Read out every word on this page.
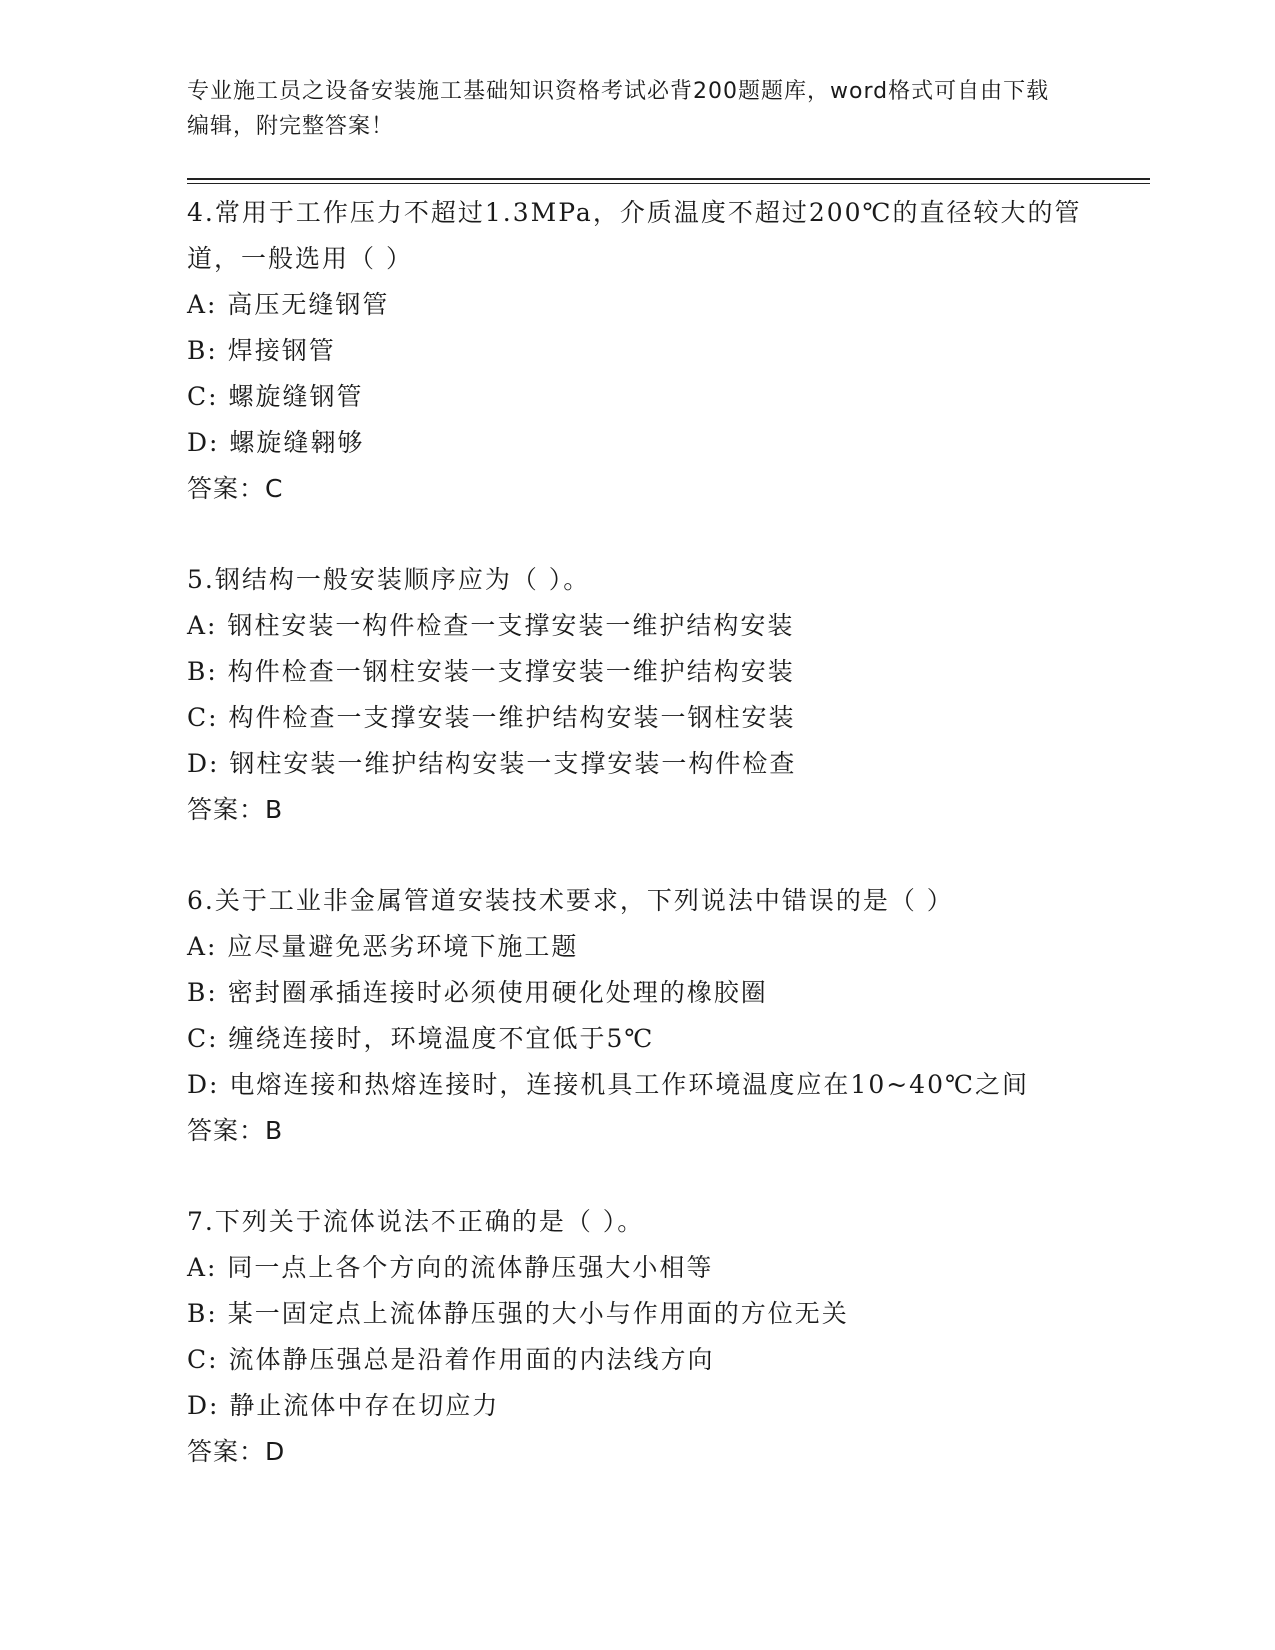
专业施工员之设备安装施工基础知识资格考试必背200题题库，word格式可自由下载编辑，附完整答案！
4.常用于工作压力不超过1.3MPa，介质温度不超过200℃的直径较大的管道，一般选用（ ）
A: 高压无缝钢管
B: 焊接钢管
C: 螺旋缝钢管
D: 螺旋缝翱够
答案：C
5.钢结构一般安装顺序应为（ ）。
A: 钢柱安装一构件检查一支撑安装一维护结构安装
B: 构件检查一钢柱安装一支撑安装一维护结构安装
C: 构件检查一支撑安装一维护结构安装一钢柱安装
D: 钢柱安装一维护结构安装一支撑安装一构件检查
答案：B
6.关于工业非金属管道安装技术要求，下列说法中错误的是（ ）
A: 应尽量避免恶劣环境下施工题
B: 密封圈承插连接时必须使用硬化处理的橡胶圈
C: 缠绕连接时，环境温度不宜低于5℃
D: 电熔连接和热熔连接时，连接机具工作环境温度应在10~40℃之间
答案：B
7.下列关于流体说法不正确的是（ ）。
A: 同一点上各个方向的流体静压强大小相等
B: 某一固定点上流体静压强的大小与作用面的方位无关
C: 流体静压强总是沿着作用面的内法线方向
D: 静止流体中存在切应力
答案：D
